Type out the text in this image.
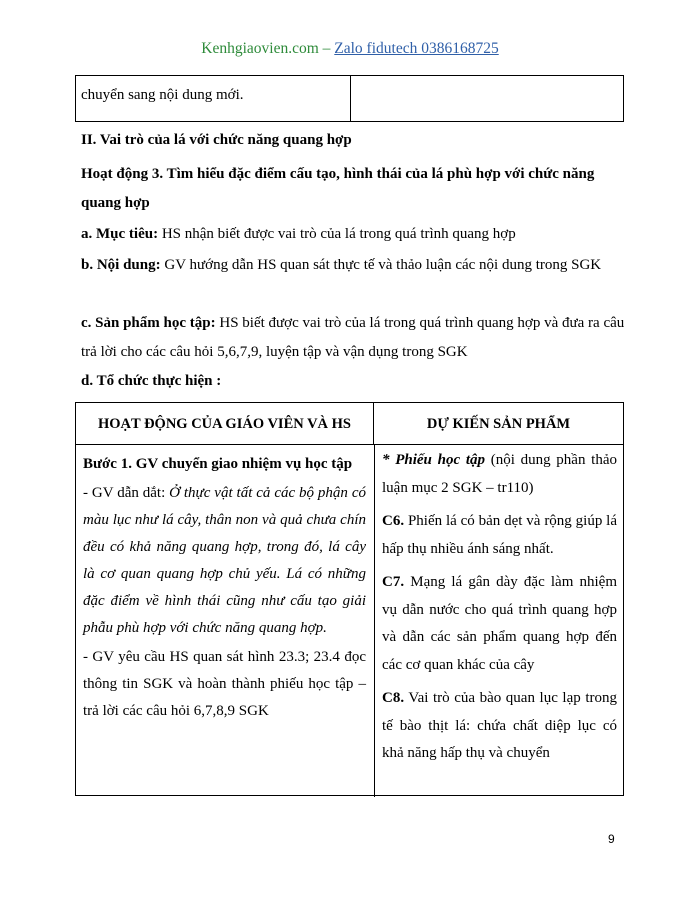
Kenhgiaovien.com – Zalo fidutech 0386168725
chuyển sang nội dung mới.
II. Vai trò của lá với chức năng quang hợp
Hoạt động 3. Tìm hiểu đặc điểm cấu tạo, hình thái của lá phù hợp với chức năng quang hợp
a. Mục tiêu: HS nhận biết được vai trò của lá trong quá trình quang hợp
b. Nội dung: GV hướng dẫn HS quan sát thực tế và thảo luận các nội dung trong SGK
c. Sản phẩm học tập: HS biết được vai trò của lá trong quá trình quang hợp và đưa ra câu trả lời cho các câu hỏi 5,6,7,9, luyện tập và vận dụng trong SGK
d. Tổ chức thực hiện :
HOẠT ĐỘNG CỦA GIÁO VIÊN VÀ HS	DỰ KIẾN SẢN PHẨM

Bước 1. GV chuyển giao nhiệm vụ học tập

- GV dẫn dắt: Ở thực vật tất cả các bộ phận có màu lục như lá cây, thân non và quả chưa chín đều có khả năng quang hợp, trong đó, lá cây là cơ quan quang hợp chủ yếu. Lá có những đặc điểm về hình thái cũng như cấu tạo giải phẫu phù hợp với chức năng quang hợp.

- GV yêu cầu HS quan sát hình 23.3; 23.4 đọc thông tin SGK và hoàn thành phiếu học tập – trả lời các câu hỏi 6,7,8,9 SGK

* Phiếu học tập (nội dung phần thảo luận mục 2 SGK – tr110)

C6. Phiến lá có bản dẹt và rộng giúp lá hấp thụ nhiều ánh sáng nhất.

C7. Mạng lá gân dày đặc làm nhiệm vụ dẫn nước cho quá trình quang hợp và dẫn các sản phẩm quang hợp đến các cơ quan khác của cây

C8. Vai trò của bào quan lục lạp trong tế bào thịt lá: chứa chất diệp lục có khả năng hấp thụ và chuyển

9
